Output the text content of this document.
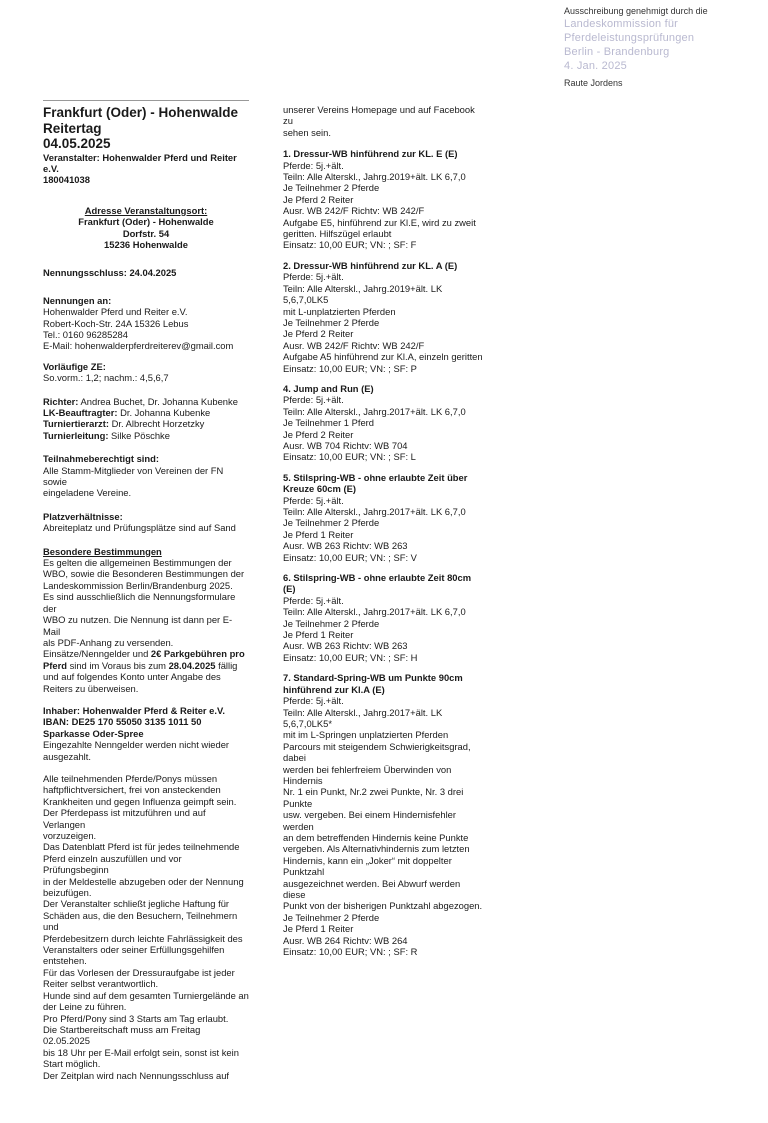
Ausschreibung genehmigt durch die
Landeskommission für
Pferdeleistungsprüfungen
Berlin - Brandenburg
4. Jan. 2025
Raute Jordens
Frankfurt (Oder) - Hohenwalde
Reitertag
04.05.2025
Veranstalter: Hohenwalder Pferd und Reiter e.V.
180041038
Adresse Veranstaltungsort:
Frankfurt (Oder) - Hohenwalde
Dorfstr. 54
15236 Hohenwalde
Nennungsschluss: 24.04.2025
Nennungen an:
Hohenwalder Pferd und Reiter e.V.
Robert-Koch-Str. 24A 15326 Lebus
Tel.: 0160 96285284
E-Mail: hohenwalderpferdreiterev@gmail.com
Vorläufige ZE:
So.vorm.: 1,2; nachm.: 4,5,6,7
Richter: Andrea Buchet, Dr. Johanna Kubenke
LK-Beauftragter: Dr. Johanna Kubenke
Turniertierarzt: Dr. Albrecht Horzetzky
Turnierleitung: Silke Pöschke
Teilnahmeberechtigt sind:
Alle Stamm-Mitglieder von Vereinen der FN sowie
eingeladene Vereine.
Platzverhältnisse:
Abreiteplatz und Prüfungsplätze sind auf Sand
Besondere Bestimmungen
Es gelten die allgemeinen Bestimmungen der
WBO, sowie die Besonderen Bestimmungen der
Landeskommission Berlin/Brandenburg 2025.
Es sind ausschließlich die Nennungsformulare der
WBO zu nutzen. Die Nennung ist dann per E-Mail
als PDF-Anhang zu versenden.
Einsätze/Nenngelder und 2€ Parkgebühren pro Pferd sind im Voraus bis zum 28.04.2025 fällig und auf folgendes Konto unter Angabe des Reiters zu überweisen.
Inhaber: Hohenwalder Pferd & Reiter e.V.
IBAN: DE25 170 55050 3135 1011 50
Sparkasse Oder-Spree
Eingezahlte Nenngelder werden nicht wieder
ausgezahlt.
Alle teilnehmenden Pferde/Ponys müssen
haftpflichtversichert, frei von ansteckenden
Krankheiten und gegen Influenza geimpft sein.
Der Pferdepass ist mitzuführen und auf Verlangen
vorzuzeigen.
Das Datenblatt Pferd ist für jedes teilnehmende
Pferd einzeln auszufüllen und vor Prüfungsbeginn
in der Meldestelle abzugeben oder der Nennung
beizufügen.
Der Veranstalter schließt jegliche Haftung für
Schäden aus, die den Besuchern, Teilnehmern und
Pferdebesitzern durch leichte Fahrlässigkeit des
Veranstalters oder seiner Erfüllungsgehilfen
entstehen.
Für das Vorlesen der Dressuraufgabe ist jeder
Reiter selbst verantwortlich.
Hunde sind auf dem gesamten Turniergelände an
der Leine zu führen.
Pro Pferd/Pony sind 3 Starts am Tag erlaubt.
Die Startbereitschaft muss am Freitag 02.05.2025
bis 18 Uhr per E-Mail erfolgt sein, sonst ist kein
Start möglich.
Der Zeitplan wird nach Nennungsschluss auf
unserer Vereins Homepage und auf Facebook zu
sehen sein.
1. Dressur-WB hinführend zur KL. E (E)
Pferde: 5j.+ält.
Teiln: Alle Alterskl., Jahrg.2019+ält. LK 6,7,0
Je Teilnehmer 2 Pferde
Je Pferd 2 Reiter
Ausr. WB 242/F Richtv: WB 242/F
Aufgabe E5, hinführend zur Kl.E, wird zu zweit
geritten. Hilfszügel erlaubt
Einsatz: 10,00 EUR; VN: ; SF: F
2. Dressur-WB hinführend zur KL. A (E)
Pferde: 5j.+ält.
Teiln: Alle Alterskl., Jahrg.2019+ält. LK 5,6,7,0LK5
mit L-unplatzierten Pferden
Je Teilnehmer 2 Pferde
Je Pferd 2 Reiter
Ausr. WB 242/F Richtv: WB 242/F
Aufgabe A5 hinführend zur Kl.A, einzeln geritten
Einsatz: 10,00 EUR; VN: ; SF: P
4. Jump and Run (E)
Pferde: 5j.+ält.
Teiln: Alle Alterskl., Jahrg.2017+ält. LK 6,7,0
Je Teilnehmer 1 Pferd
Je Pferd 2 Reiter
Ausr. WB 704 Richtv: WB 704
Einsatz: 10,00 EUR; VN: ; SF: L
5. Stilspring-WB - ohne erlaubte Zeit über
Kreuze 60cm (E)
Pferde: 5j.+ält.
Teiln: Alle Alterskl., Jahrg.2017+ält. LK 6,7,0
Je Teilnehmer 2 Pferde
Je Pferd 1 Reiter
Ausr. WB 263 Richtv: WB 263
Einsatz: 10,00 EUR; VN: ; SF: V
6. Stilspring-WB - ohne erlaubte Zeit 80cm (E)
Pferde: 5j.+ält.
Teiln: Alle Alterskl., Jahrg.2017+ält. LK 6,7,0
Je Teilnehmer 2 Pferde
Je Pferd 1 Reiter
Ausr. WB 263 Richtv: WB 263
Einsatz: 10,00 EUR; VN: ; SF: H
7. Standard-Spring-WB um Punkte 90cm
hinführend zur Kl.A (E)
Pferde: 5j.+ält.
Teiln: Alle Alterskl., Jahrg.2017+ält. LK 5,6,7,0LK5*
mit im L-Springen unplatzierten Pferden
Parcours mit steigendem Schwierigkeitsgrad, dabei
werden bei fehlerfreiem Überwinden von Hindernis
Nr. 1 ein Punkt, Nr.2 zwei Punkte, Nr. 3 drei Punkte
usw. vergeben. Bei einem Hindernisfehler werden
an dem betreffenden Hindernis keine Punkte
vergeben. Als Alternativhindernis zum letzten
Hindernis, kann ein „Joker“ mit doppelter Punktzahl
ausgezeichnet werden. Bei Abwurf werden diese
Punkt von der bisherigen Punktzahl abgezogen.
Je Teilnehmer 2 Pferde
Je Pferd 1 Reiter
Ausr. WB 264 Richtv: WB 264
Einsatz: 10,00 EUR; VN: ; SF: R
